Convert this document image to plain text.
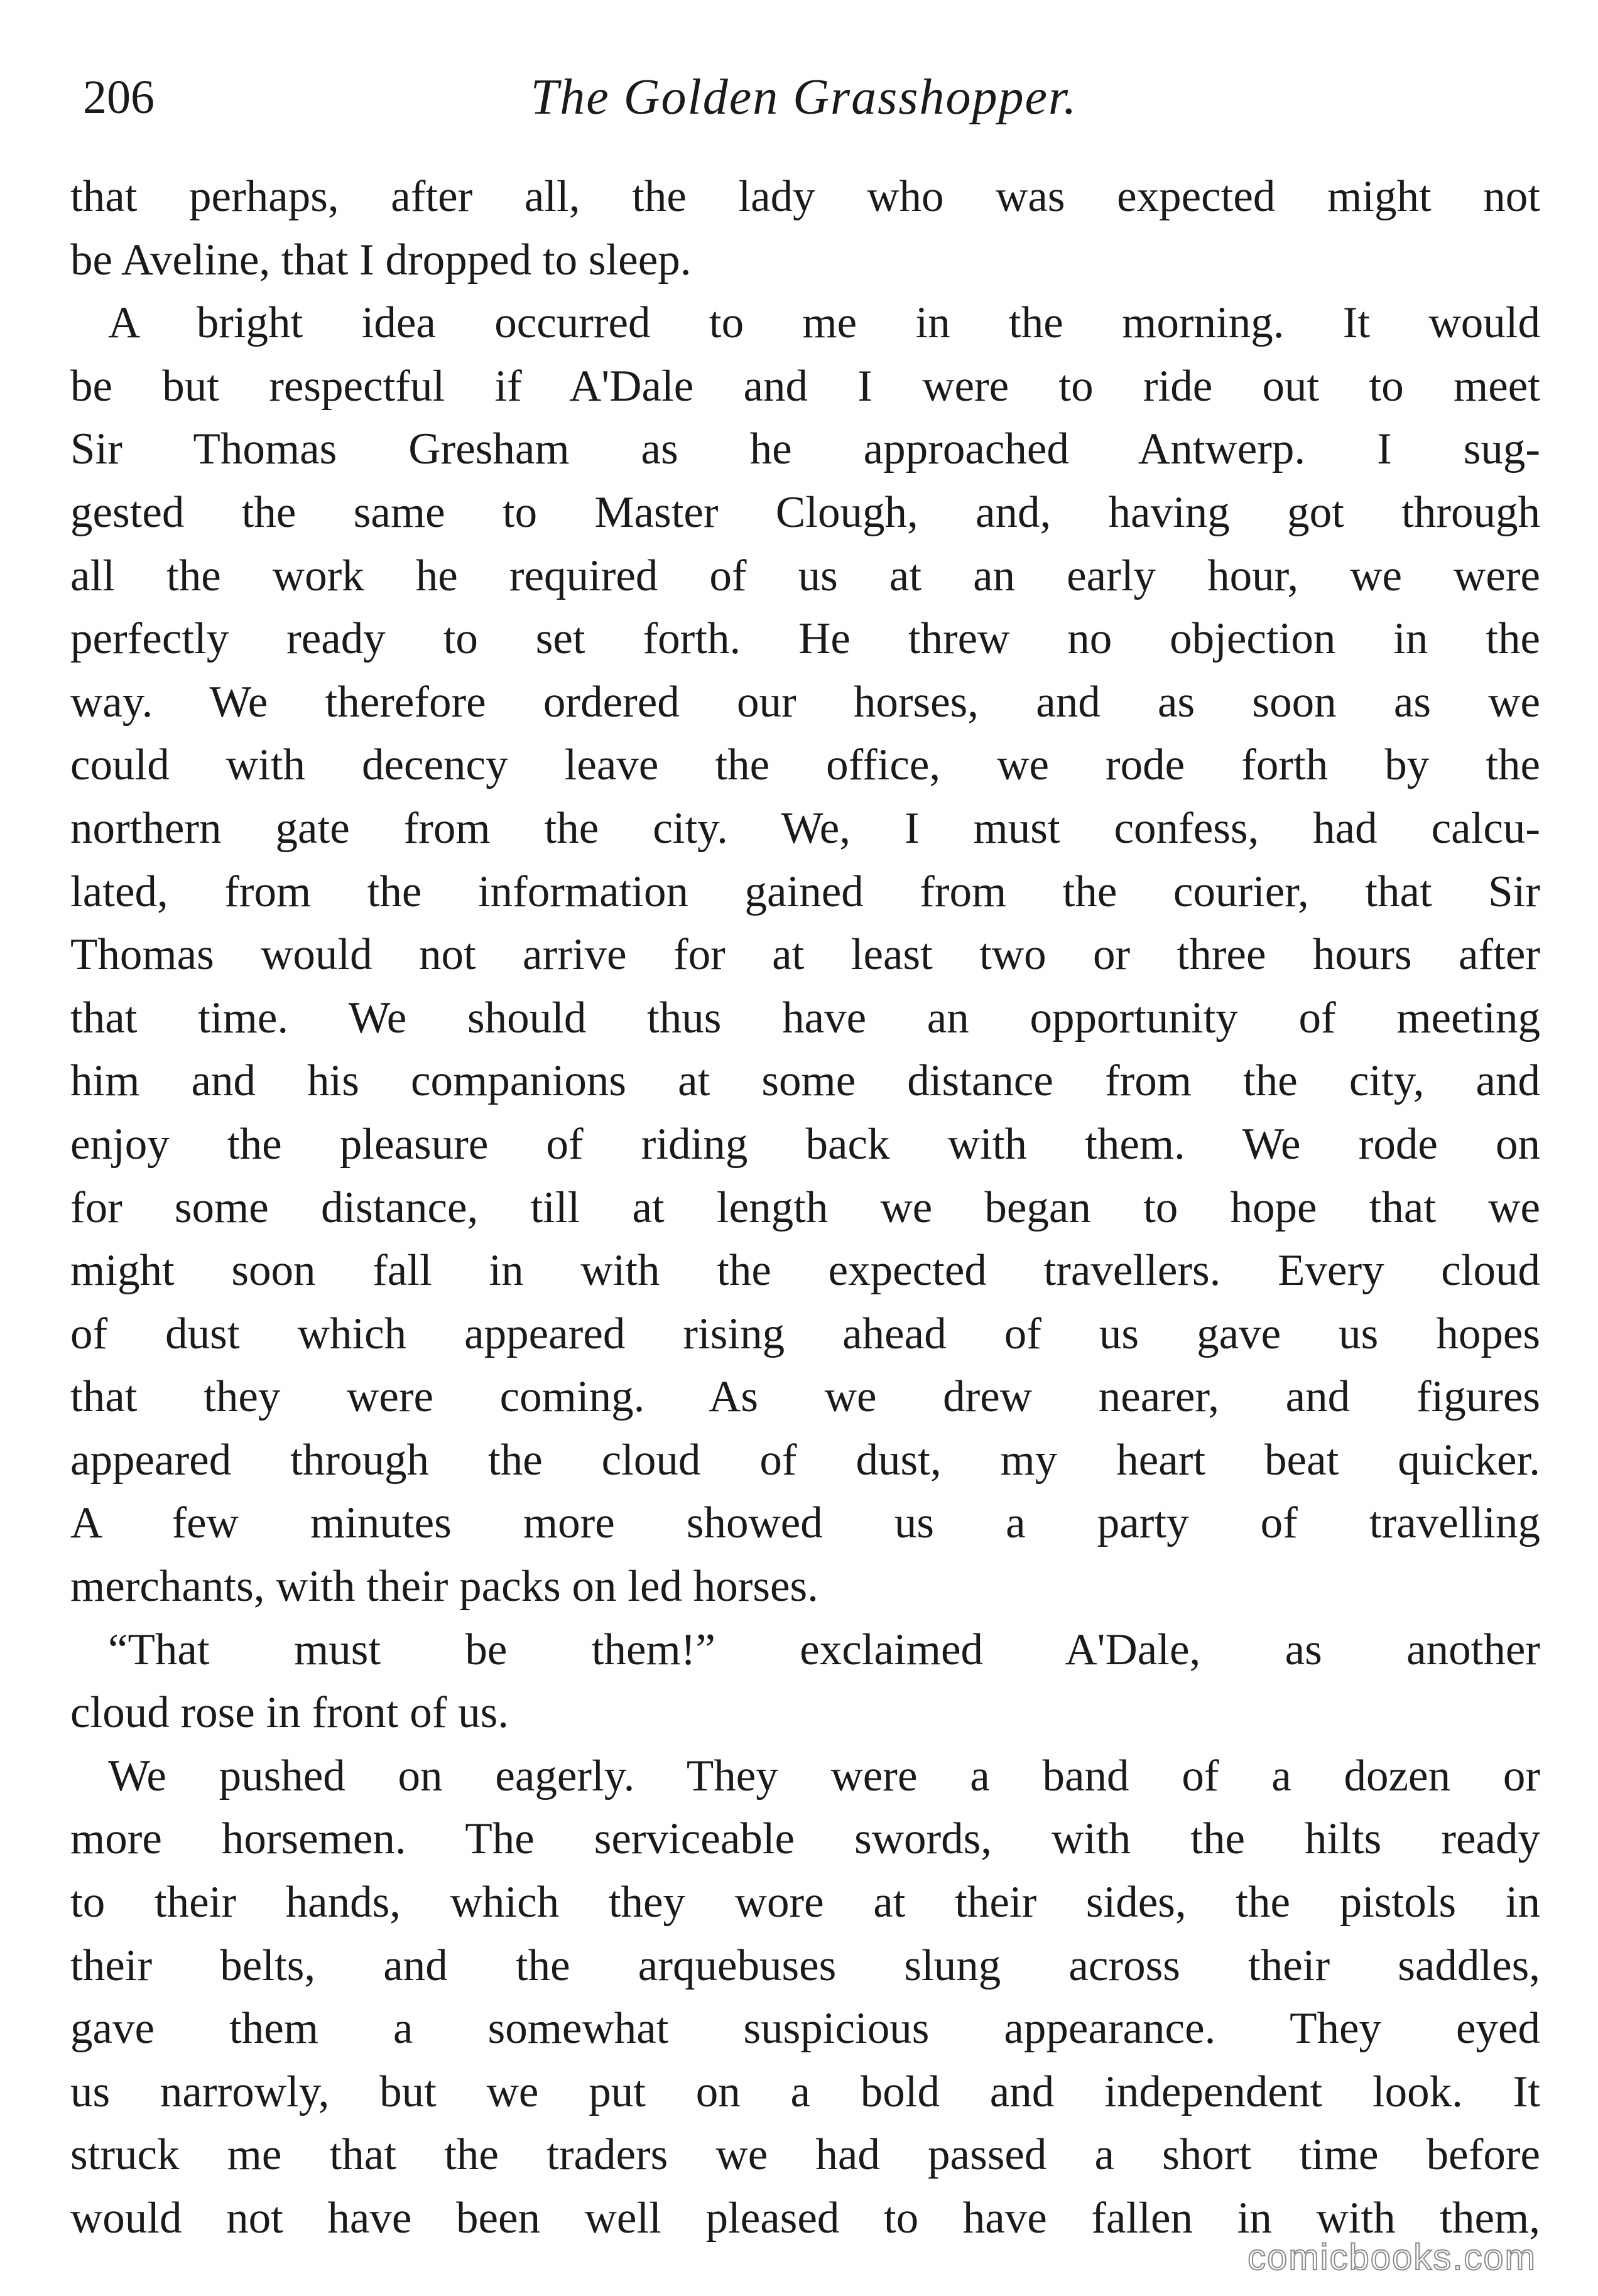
206	The Golden Grasshopper.
that perhaps, after all, the lady who was expected might not
be Aveline, that I dropped to sleep.
A bright idea occurred to me in the morning. It would
be but respectful if A'Dale and I were to ride out to meet
Sir Thomas Gresham as he approached Antwerp. I sug-
gested the same to Master Clough, and, having got through
all the work he required of us at an early hour, we were
perfectly ready to set forth. He threw no objection in the
way. We therefore ordered our horses, and as soon as we
could with decency leave the office, we rode forth by the
northern gate from the city. We, I must confess, had calcu-
lated, from the information gained from the courier, that Sir
Thomas would not arrive for at least two or three hours after
that time. We should thus have an opportunity of meeting
him and his companions at some distance from the city, and
enjoy the pleasure of riding back with them. We rode on
for some distance, till at length we began to hope that we
might soon fall in with the expected travellers. Every cloud
of dust which appeared rising ahead of us gave us hopes
that they were coming. As we drew nearer, and figures
appeared through the cloud of dust, my heart beat quicker.
A few minutes more showed us a party of travelling
merchants, with their packs on led horses.
“That must be them!” exclaimed A'Dale, as another
cloud rose in front of us.
We pushed on eagerly. They were a band of a dozen or
more horsemen. The serviceable swords, with the hilts ready
to their hands, which they wore at their sides, the pistols in
their belts, and the arquebuses slung across their saddles,
gave them a somewhat suspicious appearance. They eyed
us narrowly, but we put on a bold and independent look. It
struck me that the traders we had passed a short time before
would not have been well pleased to have fallen in with them,
comicbooks.com
